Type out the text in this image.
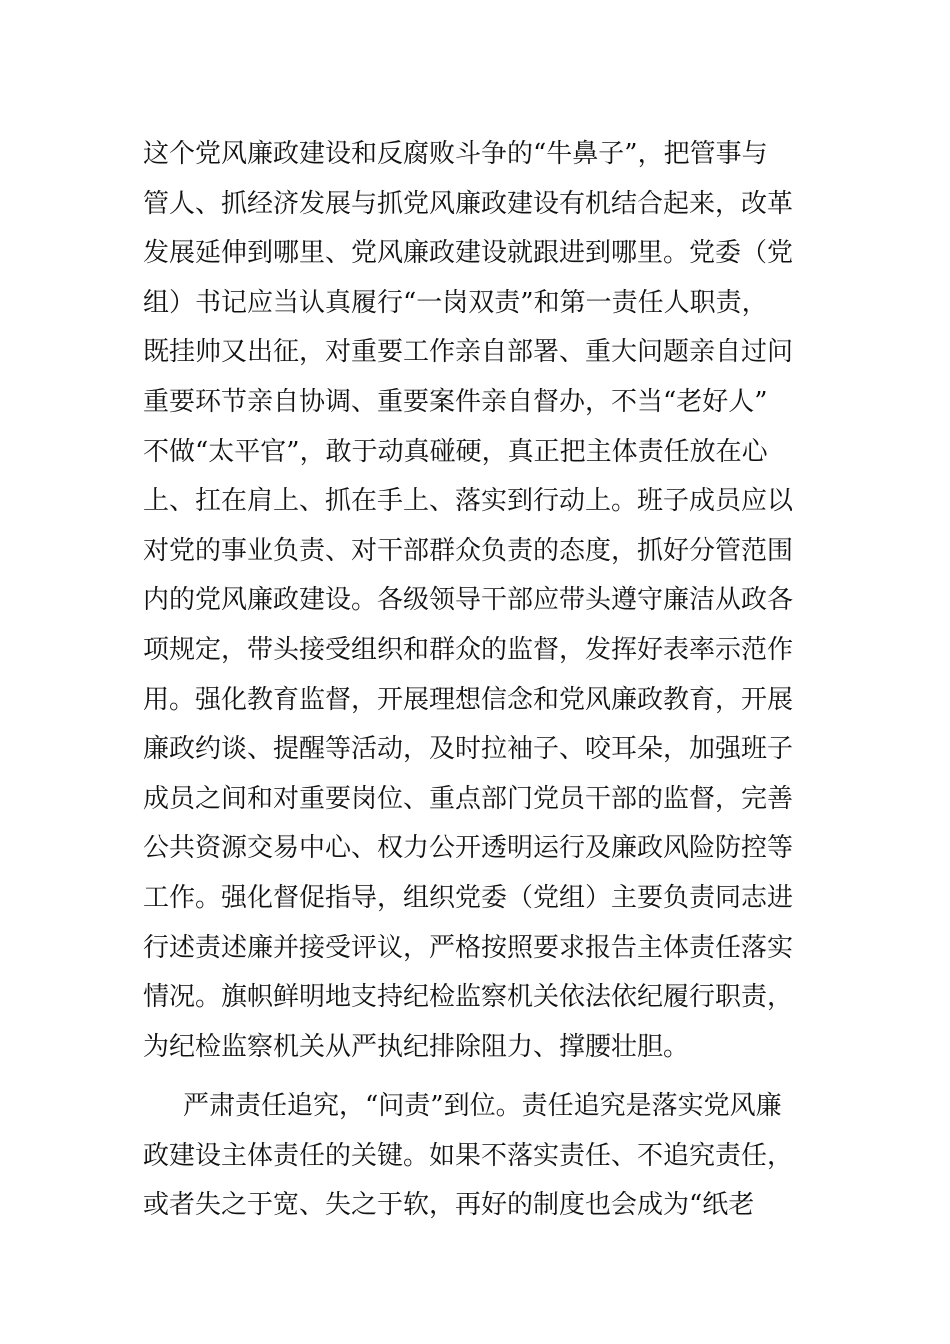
这个党风廉政建设和反腐败斗争的“牛鼻子”，把管事与
管人、抓经济发展与抓党风廉政建设有机结合起来，改革
发展延伸到哪里、党风廉政建设就跟进到哪里。党委（党
组）书记应当认真履行“一岗双责”和第一责任人职责，
既挂帅又出征，对重要工作亲自部署、重大问题亲自过问
重要环节亲自协调、重要案件亲自督办，不当“老好人”
不做“太平官”，敢于动真碰硬，真正把主体责任放在心
上、扛在肩上、抓在手上、落实到行动上。班子成员应以
对党的事业负责、对干部群众负责的态度，抓好分管范围
内的党风廉政建设。各级领导干部应带头遵守廉洁从政各
项规定，带头接受组织和群众的监督，发挥好表率示范作
用。强化教育监督，开展理想信念和党风廉政教育，开展
廉政约谈、提醒等活动，及时拉袖子、咬耳朵，加强班子
成员之间和对重要岗位、重点部门党员干部的监督，完善
公共资源交易中心、权力公开透明运行及廉政风险防控等
工作。强化督促指导，组织党委（党组）主要负责同志进
行述责述廉并接受评议，严格按照要求报告主体责任落实
情况。旗帜鲜明地支持纪检监察机关依法依纪履行职责，
为纪检监察机关从严执纪排除阻力、撑腰壮胆。
严肃责任追究，“问责”到位。责任追究是落实党风廉
政建设主体责任的关键。如果不落实责任、不追究责任，
或者失之于宽、失之于软，再好的制度也会成为“纸老
